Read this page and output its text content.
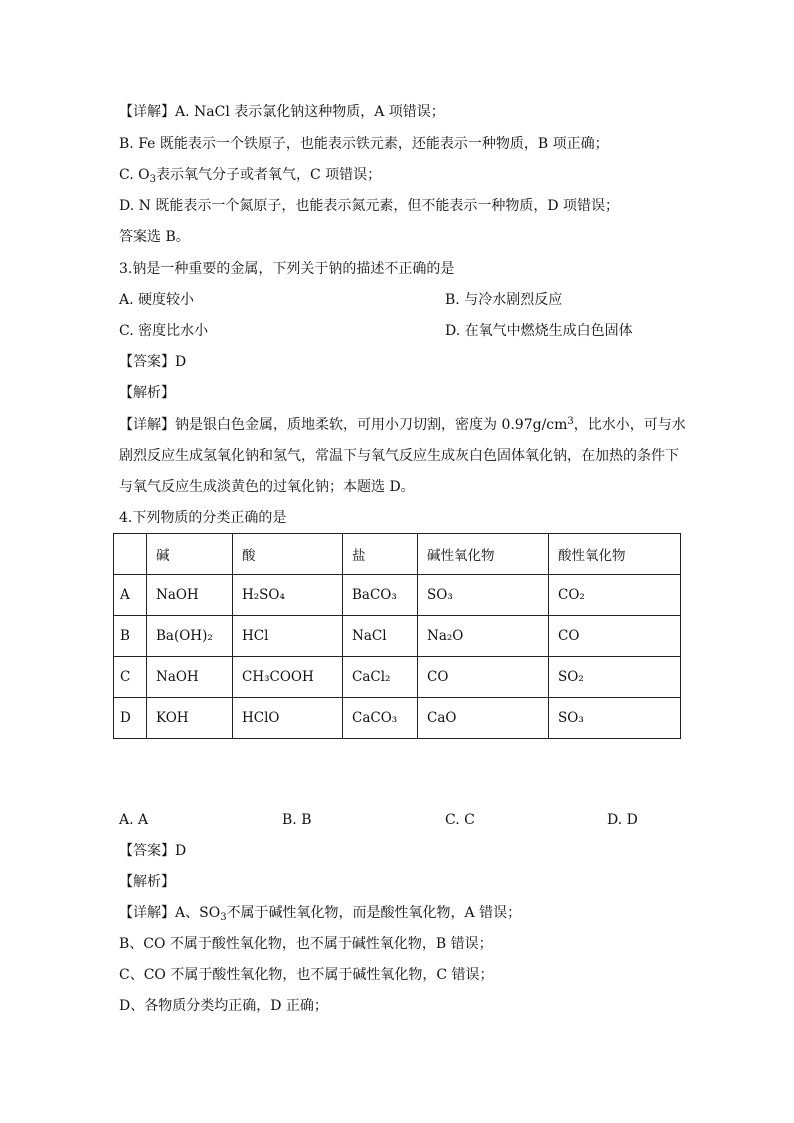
【详解】A. NaCl 表示氯化钠这种物质，A 项错误；
B. Fe 既能表示一个铁原子，也能表示铁元素，还能表示一种物质，B 项正确；
C. $O_3$表示氧气分子或者氧气，C 项错误；
D. N 既能表示一个氮原子，也能表示氮元素，但不能表示一种物质，D 项错误；
答案选 B。
3.钠是一种重要的金属，下列关于钠的描述不正确的是
A. 硬度较小	B. 与冷水剧烈反应
C. 密度比水小	D. 在氧气中燃烧生成白色固体
【答案】D
【解析】
【详解】钠是银白色金属，质地柔软，可用小刀切割，密度为 $0.97g/cm^3$，比水小，可与水
剧烈反应生成氢氧化钠和氢气，常温下与氧气反应生成灰白色固体氧化钠，在加热的条件下
与氧气反应生成淡黄色的过氧化钠；本题选 D。
4.下列物质的分类正确的是
	碱	酸	盐	碱性氧化物	酸性氧化物
A	NaOH	H₂SO₄	BaCO₃	SO₃	CO₂
B	Ba(OH)₂	HCl	NaCl	Na₂O	CO
C	NaOH	CH₃COOH	CaCl₂	CO	SO₂
D	KOH	HClO	CaCO₃	CaO	SO₃
A. A	B. B	C. C	D. D
【答案】D
【解析】
【详解】A、$SO_3$不属于碱性氧化物，而是酸性氧化物，A 错误；
B、CO 不属于酸性氧化物，也不属于碱性氧化物，B 错误；
C、CO 不属于酸性氧化物，也不属于碱性氧化物，C 错误；
D、各物质分类均正确，D 正确；
